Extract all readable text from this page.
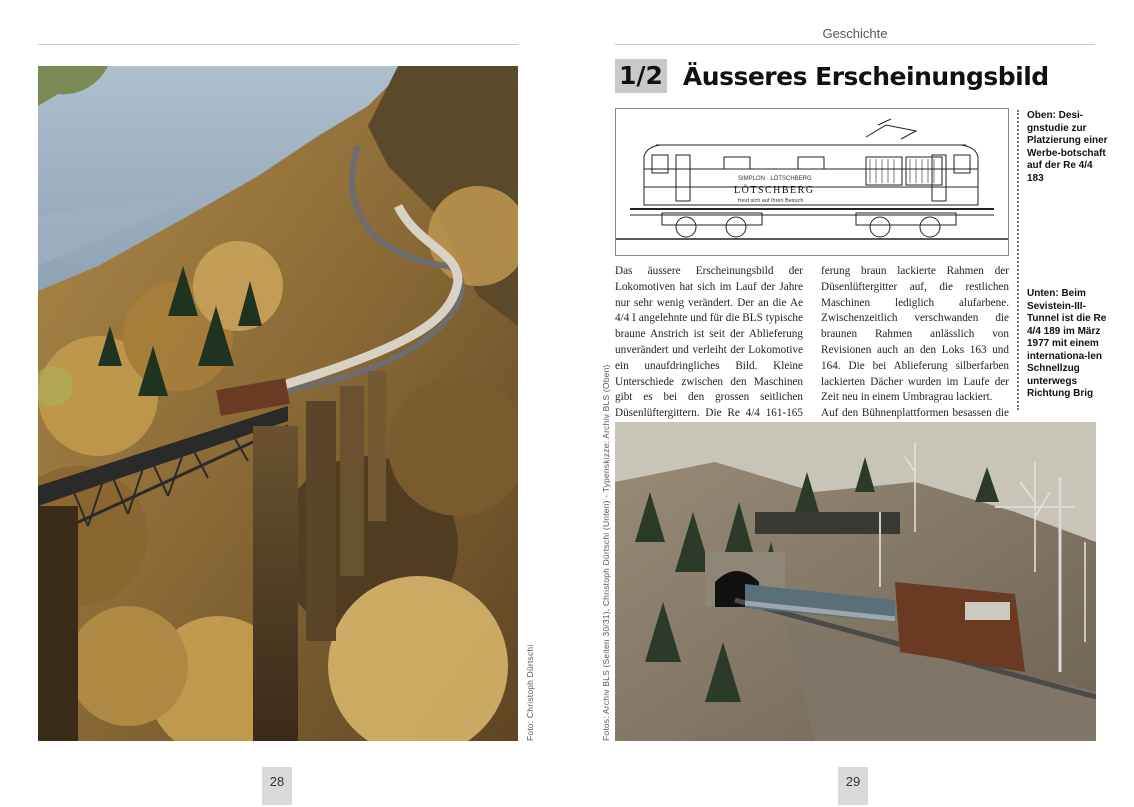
Geschichte
Foto: Christoph Dürtschi
1/2 Äusseres Erscheinungsbild
SIMPLON · LÖTSCHBERG
LÖTSCHBERG
freut sich auf Ihren Besuch
Oben: Desi-gnstudie zur Platzierung einer Werbe-botschaft auf der Re 4/4 183
Unten: Beim Sevistein-III-Tunnel ist die Re 4/4 189 im März 1977 mit einem internationa-len Schnellzug unterwegs Richtung Brig

Das äussere Erscheinungsbild der Lokomotiven hat sich im Lauf der Jahre nur sehr wenig verändert. Der an die Ae 4/4 I angelehnte und für die BLS typische braune Anstrich ist seit der Ablieferung unverändert und verleiht der Lokomotive ein unaufdringliches Bild. Kleine Unterschiede zwischen den Maschinen gibt es bei den grossen seitlichen Düsenlüftergittern. Die Re 4/4 161-165

ferung braun lackierte Rahmen der Düsenlüftergitter auf, die restlichen Maschinen lediglich alufarbene. Zwischenzeitlich verschwanden die braunen Rahmen anlässlich von Revisionen auch an den Loks 163 und 164. Die bei Ablieferung silberfarben lackierten Dächer wurden im Laufe der Zeit neu in einem Umbragrau lackiert.

Auf den Bühnenplattformen besassen die

Fotos: Archiv BLS (Seiten 30/31), Christoph Dürtschi (Unten) - Typenskizze: Archiv BLS (Oben)
28	29
